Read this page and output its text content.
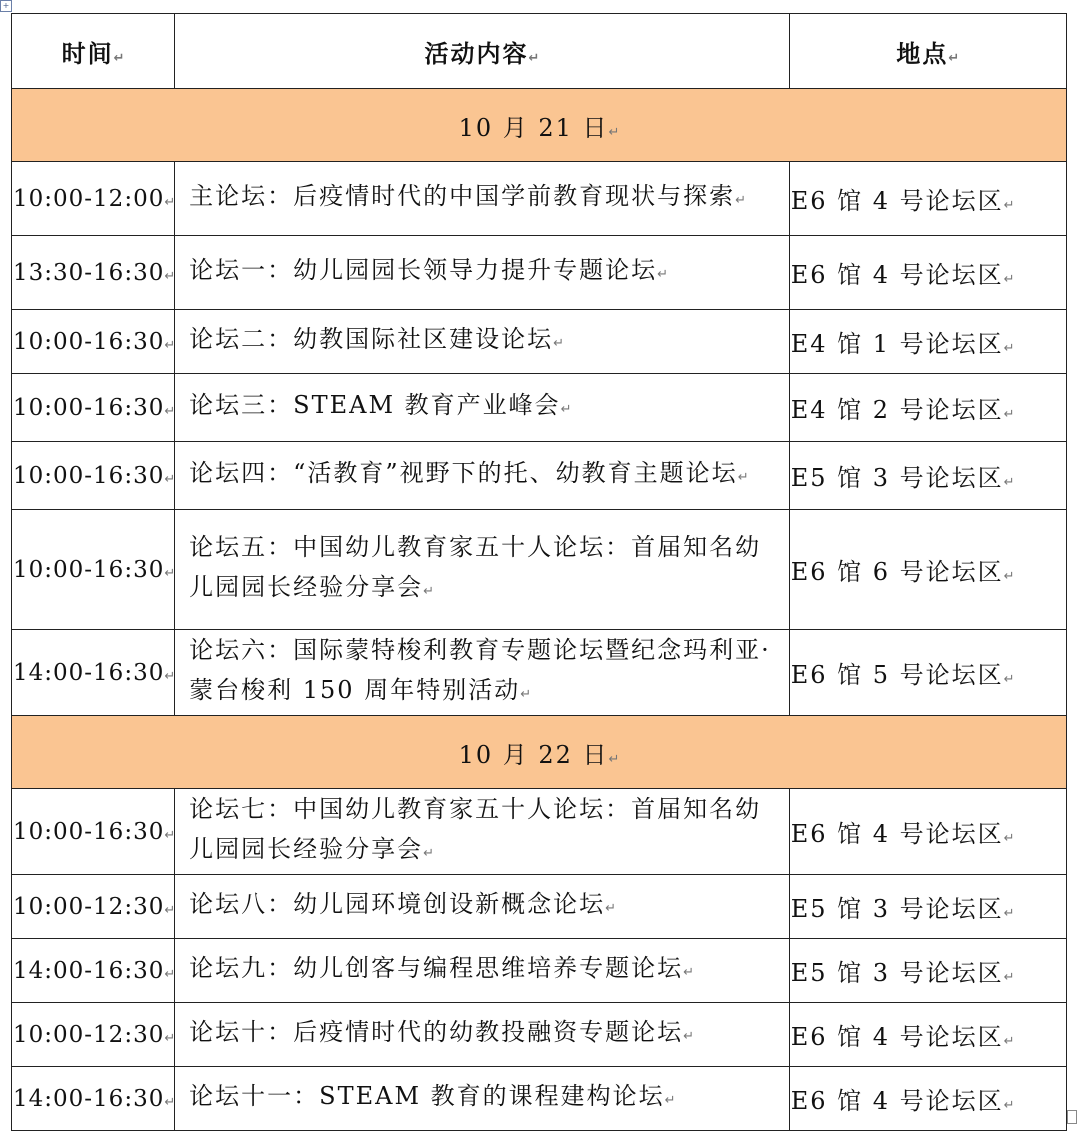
+
时间↵	活动内容↵	地点↵
10 月 21 日↵		
10:00-12:00↵	主论坛：后疫情时代的中国学前教育现状与探索↵	E6 馆 4 号论坛区↵
13:30-16:30↵	论坛一：幼儿园园长领导力提升专题论坛↵	E6 馆 4 号论坛区↵
10:00-16:30↵	论坛二：幼教国际社区建设论坛↵	E4 馆 1 号论坛区↵
10:00-16:30↵	论坛三：STEAM 教育产业峰会↵	E4 馆 2 号论坛区↵
10:00-16:30↵	论坛四：“活教育”视野下的托、幼教育主题论坛↵	E5 馆 3 号论坛区↵
10:00-16:30↵	论坛五：中国幼儿教育家五十人论坛：首届知名幼儿园园长经验分享会↵	E6 馆 6 号论坛区↵
14:00-16:30↵	论坛六：国际蒙特梭利教育专题论坛暨纪念玛利亚·蒙台梭利 150 周年特别活动↵	E6 馆 5 号论坛区↵
10 月 22 日↵		
10:00-16:30↵	论坛七：中国幼儿教育家五十人论坛：首届知名幼儿园园长经验分享会↵	E6 馆 4 号论坛区↵
10:00-12:30↵	论坛八：幼儿园环境创设新概念论坛↵	E5 馆 3 号论坛区↵
14:00-16:30↵	论坛九：幼儿创客与编程思维培养专题论坛↵	E5 馆 3 号论坛区↵
10:00-12:30↵	论坛十：后疫情时代的幼教投融资专题论坛↵	E6 馆 4 号论坛区↵
14:00-16:30↵	论坛十一：STEAM 教育的课程建构论坛↵	E6 馆 4 号论坛区↵
